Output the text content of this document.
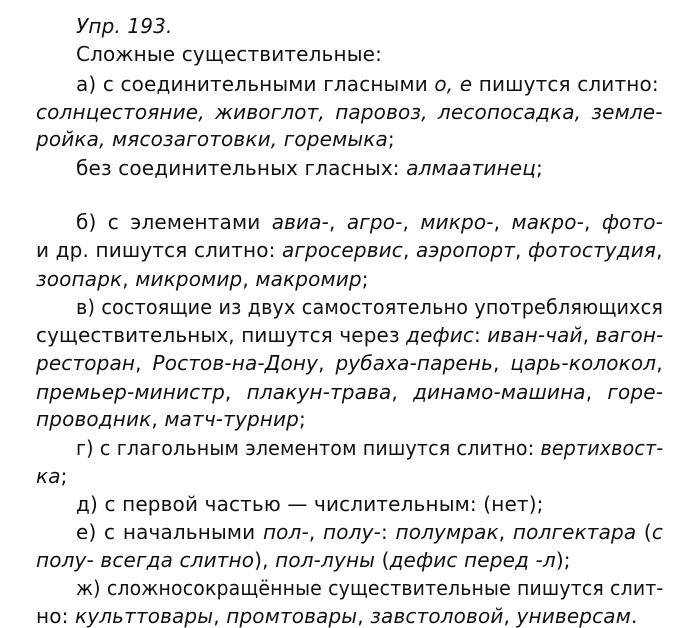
Упр. 193.

Сложные существительные:

а) с соединительными гласными о, е пишутся слитно:

солнцестояние, живоглот, паровоз, лесопосадка, земле-

ройка, мясозаготовки, горемыка;

без соединительных гласных: алмаатинец;

б) с элементами авиа-, агро-, микро-, макро-, фото-

и др. пишутся слитно: агросервис, аэропорт, фотостудия,

зоопарк, микромир, макромир;

в) состоящие из двух самостоятельно употребляющихся

существительных, пишутся через дефис: иван-чай, вагон-

ресторан, Ростов-на-Дону, рубаха-парень, царь-колокол,

премьер-министр, плакун-трава, динамо-машина, горе-

проводник, матч-турнир;

г) с глагольным элементом пишутся слитно: вертихвост-

ка;

д) с первой частью — числительным: (нет);

е) с начальными пол-, полу-: полумрак, полгектара (с

полу- всегда слитно), пол-луны (дефис перед -л);

ж) сложносокращённые существительные пишутся слит-

но: культтовары, промтовары, завстоловой, универсам.
